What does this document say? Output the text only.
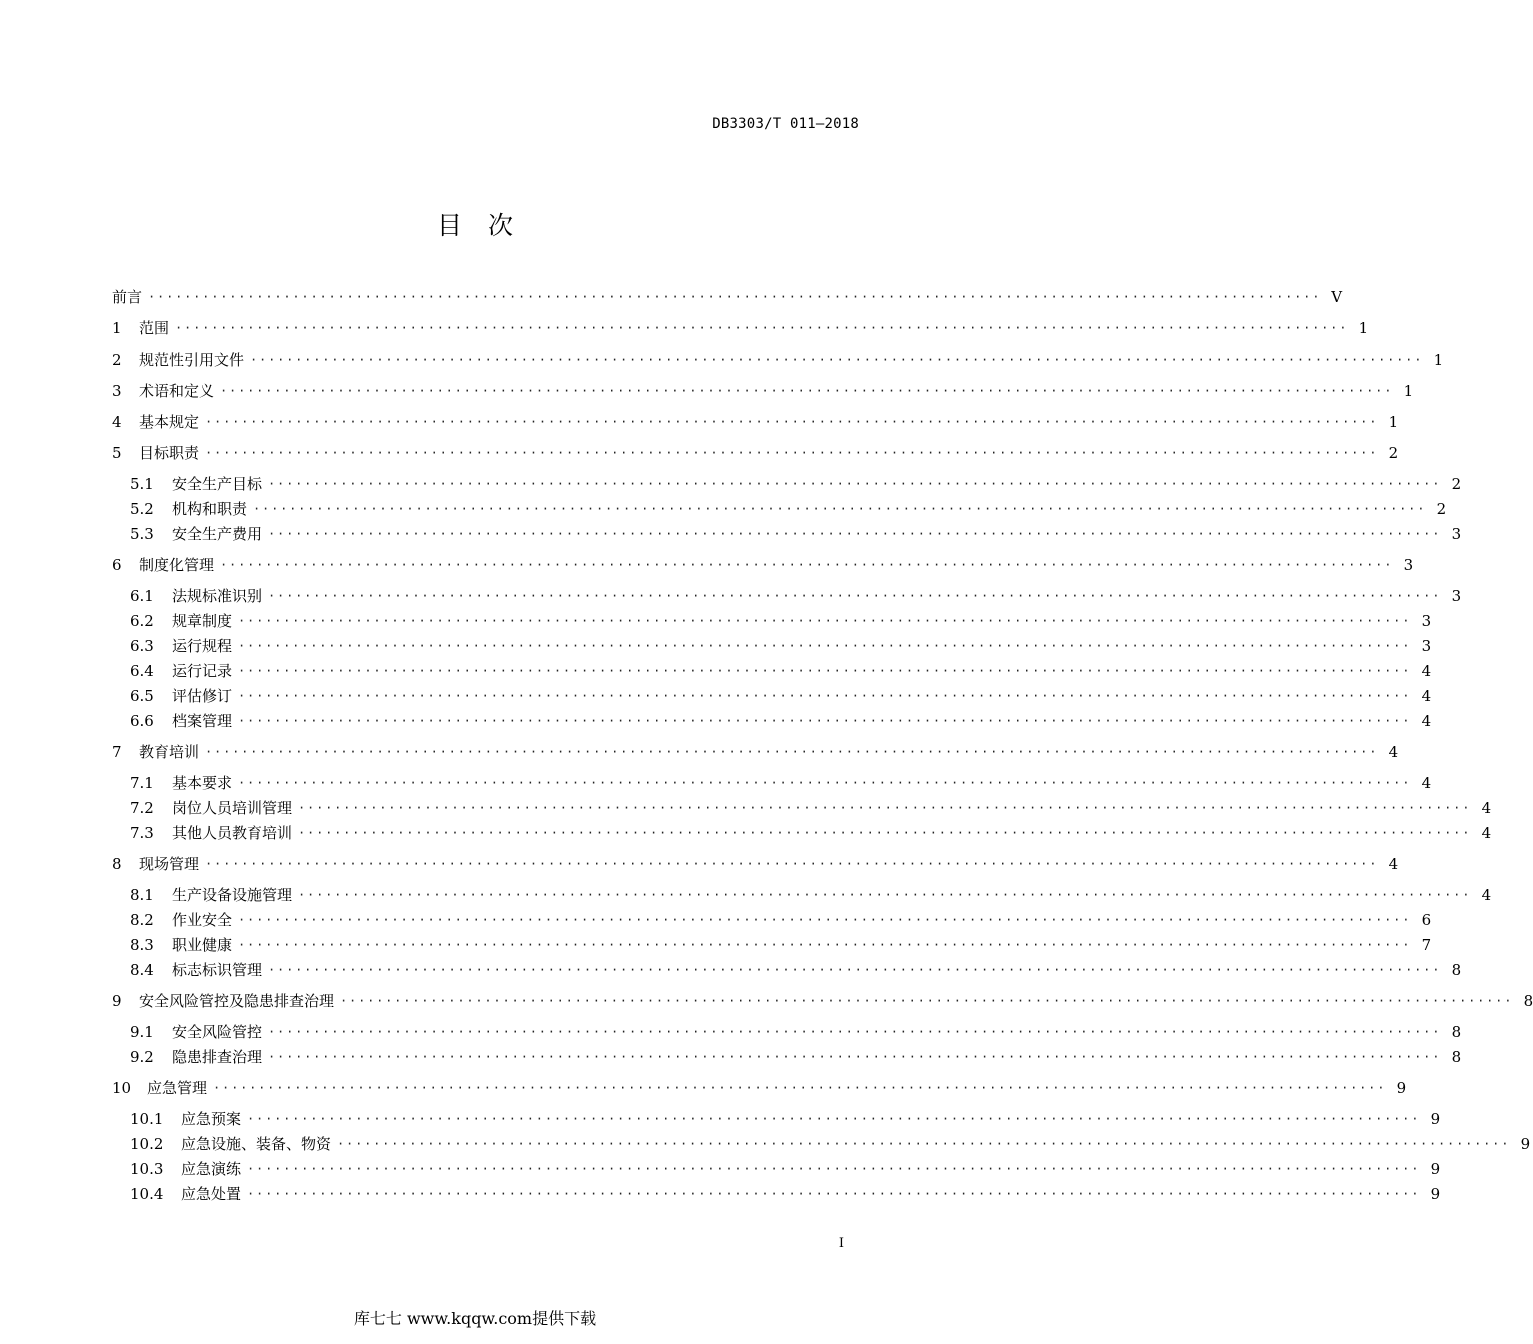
DB3303/T 011—2018
目次
前言 ·································································································································· V
1	范围 ·································································································································· 1
2	规范性引用文件 ·································································································································· 1
3	术语和定义 ·································································································································· 1
4	基本规定 ·································································································································· 1
5	目标职责 ·································································································································· 2
5.1	安全生产目标 ·································································································································· 2
5.2	机构和职责 ·································································································································· 2
5.3	安全生产费用 ·································································································································· 3
6	制度化管理 ·································································································································· 3
6.1	法规标准识别 ·································································································································· 3
6.2	规章制度 ·································································································································· 3
6.3	运行规程 ·································································································································· 3
6.4	运行记录 ·································································································································· 4
6.5	评估修订 ·································································································································· 4
6.6	档案管理 ·································································································································· 4
7	教育培训 ·································································································································· 4
7.1	基本要求 ·································································································································· 4
7.2	岗位人员培训管理 ·································································································································· 4
7.3	其他人员教育培训 ·································································································································· 4
8	现场管理 ·································································································································· 4
8.1	生产设备设施管理 ·································································································································· 4
8.2	作业安全 ·································································································································· 6
8.3	职业健康 ·································································································································· 7
8.4	标志标识管理 ·································································································································· 8
9	安全风险管控及隐患排查治理 ·································································································································· 8
9.1	安全风险管控 ·································································································································· 8
9.2	隐患排查治理 ·································································································································· 8
10	应急管理 ·································································································································· 9
10.1	应急预案 ·································································································································· 9
10.2	应急设施、装备、物资 ·································································································································· 9
10.3	应急演练 ·································································································································· 9
10.4	应急处置 ·································································································································· 9
I
库七七 www.kqqw.com提供下载
